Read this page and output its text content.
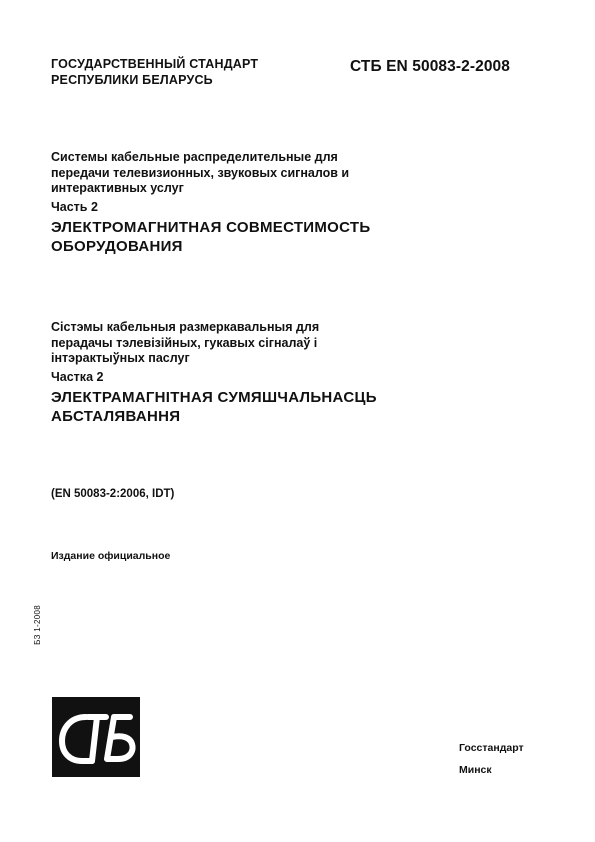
ГОСУДАРСТВЕННЫЙ СТАНДАРТ
РЕСПУБЛИКИ БЕЛАРУСЬ
СТБ EN 50083-2-2008
Системы кабельные распределительные для
передачи телевизионных, звуковых сигналов и
интерактивных услуг
Часть 2
ЭЛЕКТРОМАГНИТНАЯ СОВМЕСТИМОСТЬ
ОБОРУДОВАНИЯ
Сістэмы кабельныя размеркавальныя для
перадачы тэлевізійных, гукавых сігналаў і
інтэрактыўных паслуг
Частка 2
ЭЛЕКТРАМАГНІТНАЯ СУМЯШЧАЛЬНАСЦЬ
АБСТАЛЯВАННЯ
(EN 50083-2:2006, IDT)
Издание официальное
БЗ 1-2008
Госстандарт
Минск
